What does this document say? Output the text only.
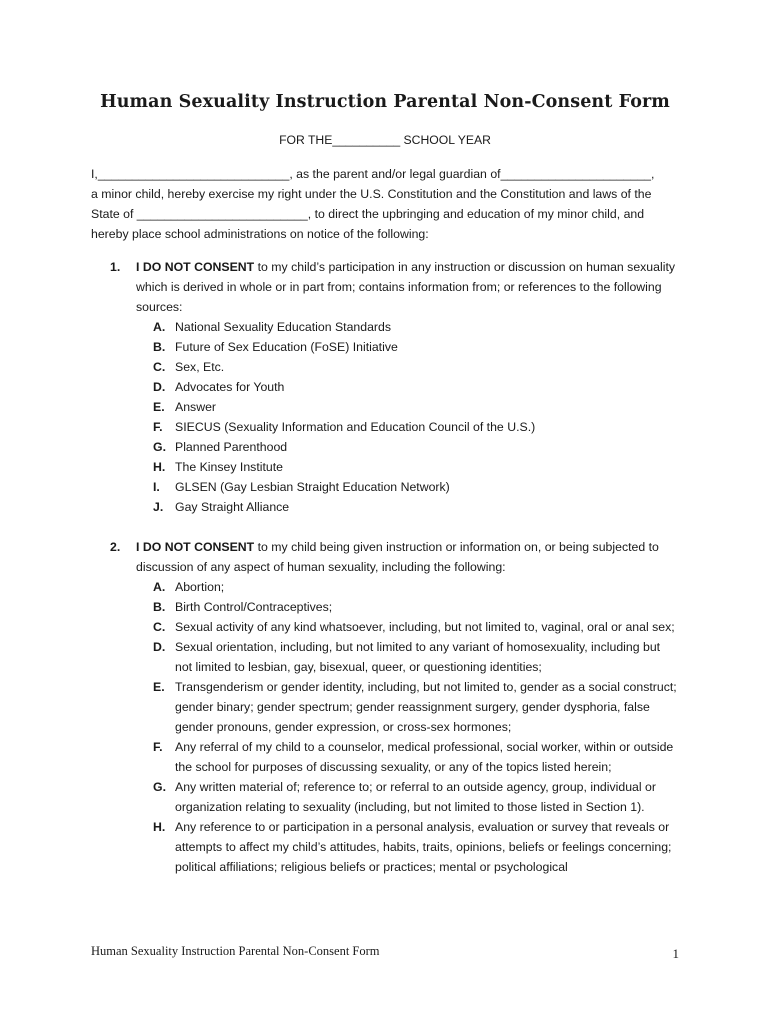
Human Sexuality Instruction Parental Non-Consent Form
FOR THE__________ SCHOOL YEAR
I,____________________________, as the parent and/or legal guardian of______________________,
a minor child, hereby exercise my right under the U.S. Constitution and the Constitution and laws of the
State of _________________________, to direct the upbringing and education of my minor child, and
hereby place school administrations on notice of the following:
1. I DO NOT CONSENT to my child’s participation in any instruction or discussion on human sexuality which is derived in whole or in part from; contains information from; or references to the following sources:
A. National Sexuality Education Standards
B. Future of Sex Education (FoSE) Initiative
C. Sex, Etc.
D. Advocates for Youth
E. Answer
F. SIECUS (Sexuality Information and Education Council of the U.S.)
G. Planned Parenthood
H. The Kinsey Institute
I. GLSEN (Gay Lesbian Straight Education Network)
J. Gay Straight Alliance
2. I DO NOT CONSENT to my child being given instruction or information on, or being subjected to discussion of any aspect of human sexuality, including the following:
A. Abortion;
B. Birth Control/Contraceptives;
C. Sexual activity of any kind whatsoever, including, but not limited to, vaginal, oral or anal sex;
D. Sexual orientation, including, but not limited to any variant of homosexuality, including but not limited to lesbian, gay, bisexual, queer, or questioning identities;
E. Transgenderism or gender identity, including, but not limited to, gender as a social construct; gender binary; gender spectrum; gender reassignment surgery, gender dysphoria, false gender pronouns, gender expression, or cross-sex hormones;
F. Any referral of my child to a counselor, medical professional, social worker, within or outside the school for purposes of discussing sexuality, or any of the topics listed herein;
G. Any written material of; reference to; or referral to an outside agency, group, individual or organization relating to sexuality (including, but not limited to those listed in Section 1).
H. Any reference to or participation in a personal analysis, evaluation or survey that reveals or attempts to affect my child’s attitudes, habits, traits, opinions, beliefs or feelings concerning; political affiliations; religious beliefs or practices; mental or psychological
Human Sexuality Instruction Parental Non-Consent Form	1
